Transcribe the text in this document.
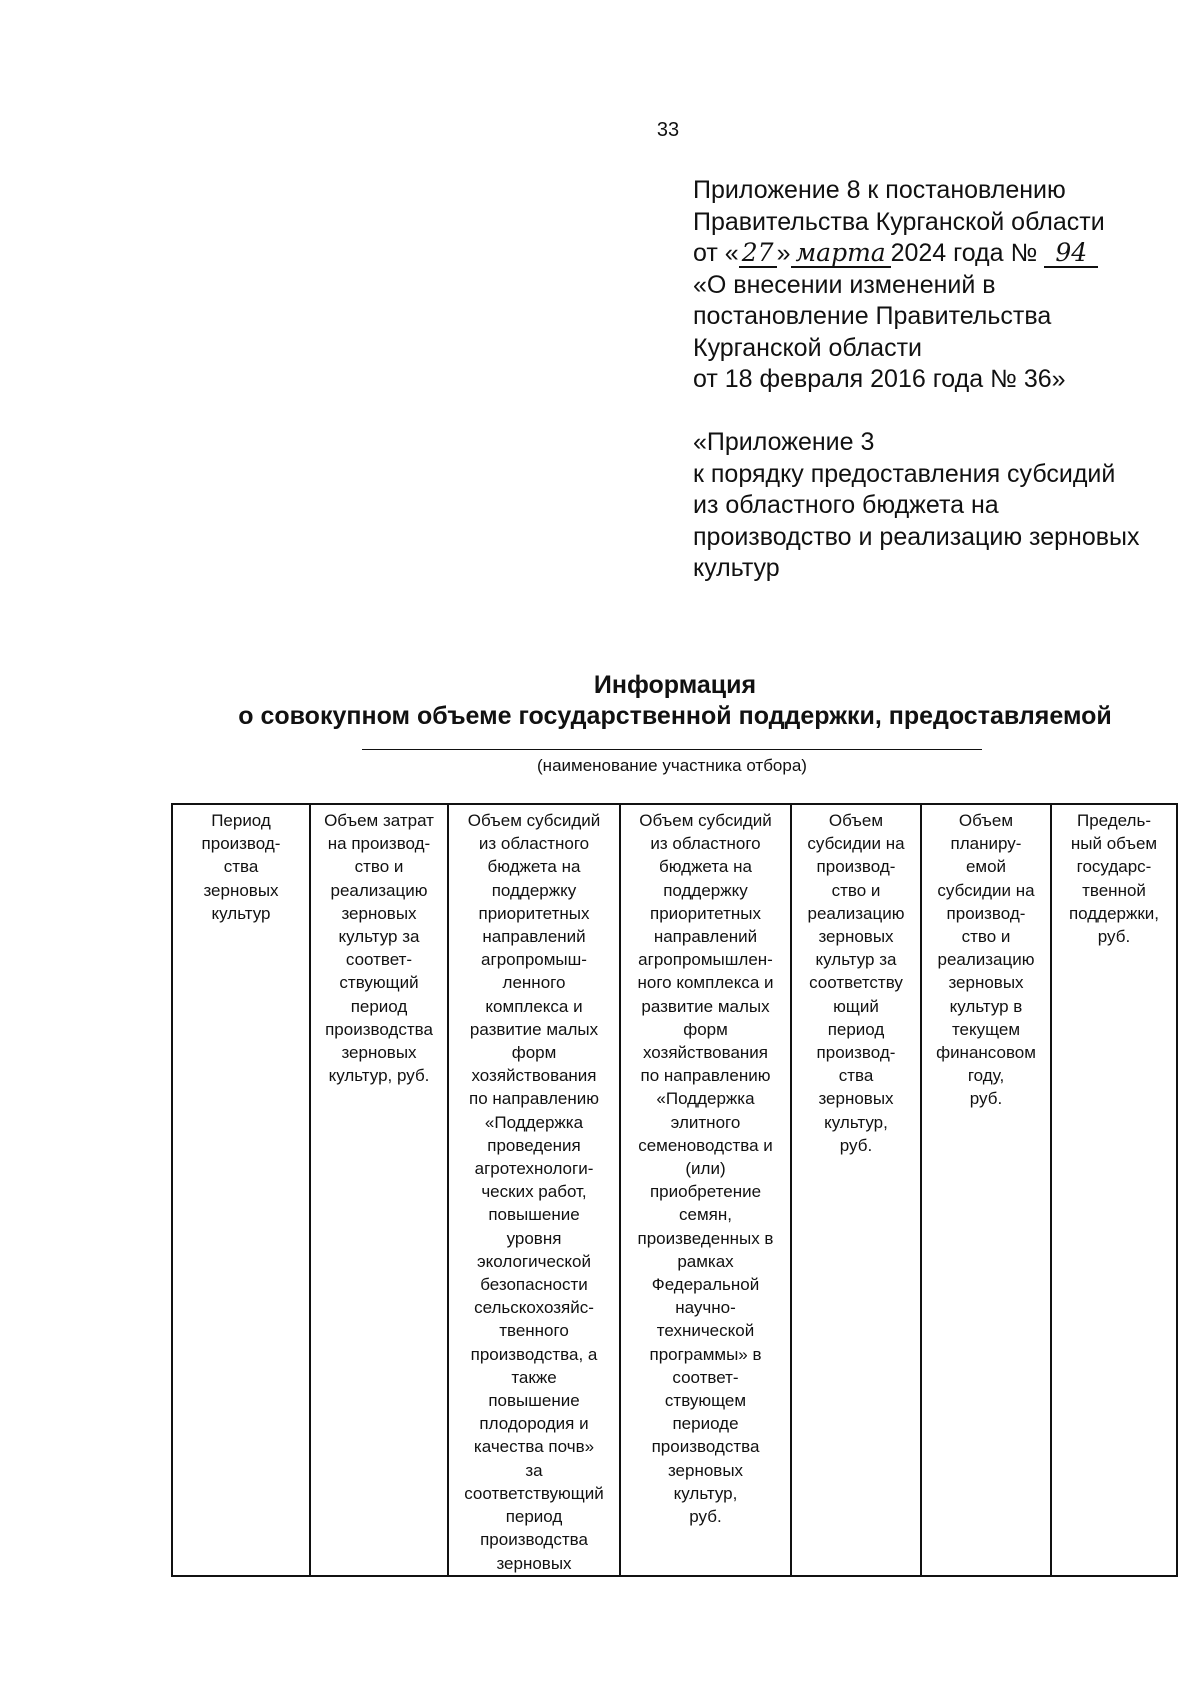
33
Приложение 8 к постановлению
Правительства Курганской области
от « 27 » марта 2024 года № 94
«О внесении изменений в
постановление Правительства
Курганской области
от 18 февраля 2016 года № 36»
«Приложение 3
к порядку предоставления субсидий
из областного бюджета на
производство и реализацию зерновых
культур
Информация
о совокупном объеме государственной поддержки, предоставляемой
(наименование участника отбора)
Период
производ-
ства
зерновых
культур	Объем затрат
на производ-
ство и
реализацию
зерновых
культур за
соответ-
ствующий
период
производства
зерновых
культур, руб.	Объем субсидий
из областного
бюджета на
поддержку
приоритетных
направлений
агропромыш-
ленного
комплекса и
развитие малых
форм
хозяйствования
по направлению
«Поддержка
проведения
агротехнологи-
ческих работ,
повышение
уровня
экологической
безопасности
сельскохозяйс-
твенного
производства, а
также
повышение
плодородия и
качества почв»
за
соответствующий
период
производства
зерновых	Объем субсидий
из областного
бюджета на
поддержку
приоритетных
направлений
агропромышлен-
ного комплекса и
развитие малых
форм
хозяйствования
по направлению
«Поддержка
элитного
семеноводства и
(или)
приобретение
семян,
произведенных в
рамках
Федеральной
научно-
технической
программы» в
соответ-
ствующем
периоде
производства
зерновых
культур,
руб.	Объем
субсидии на
производ-
ство и
реализацию
зерновых
культур за
соответству
ющий
период
производ-
ства
зерновых
культур,
руб.	Объем
планиру-
емой
субсидии на
производ-
ство и
реализацию
зерновых
культур в
текущем
финансовом
году,
руб.	Предель-
ный объем
государс-
твенной
поддержки,
руб.
